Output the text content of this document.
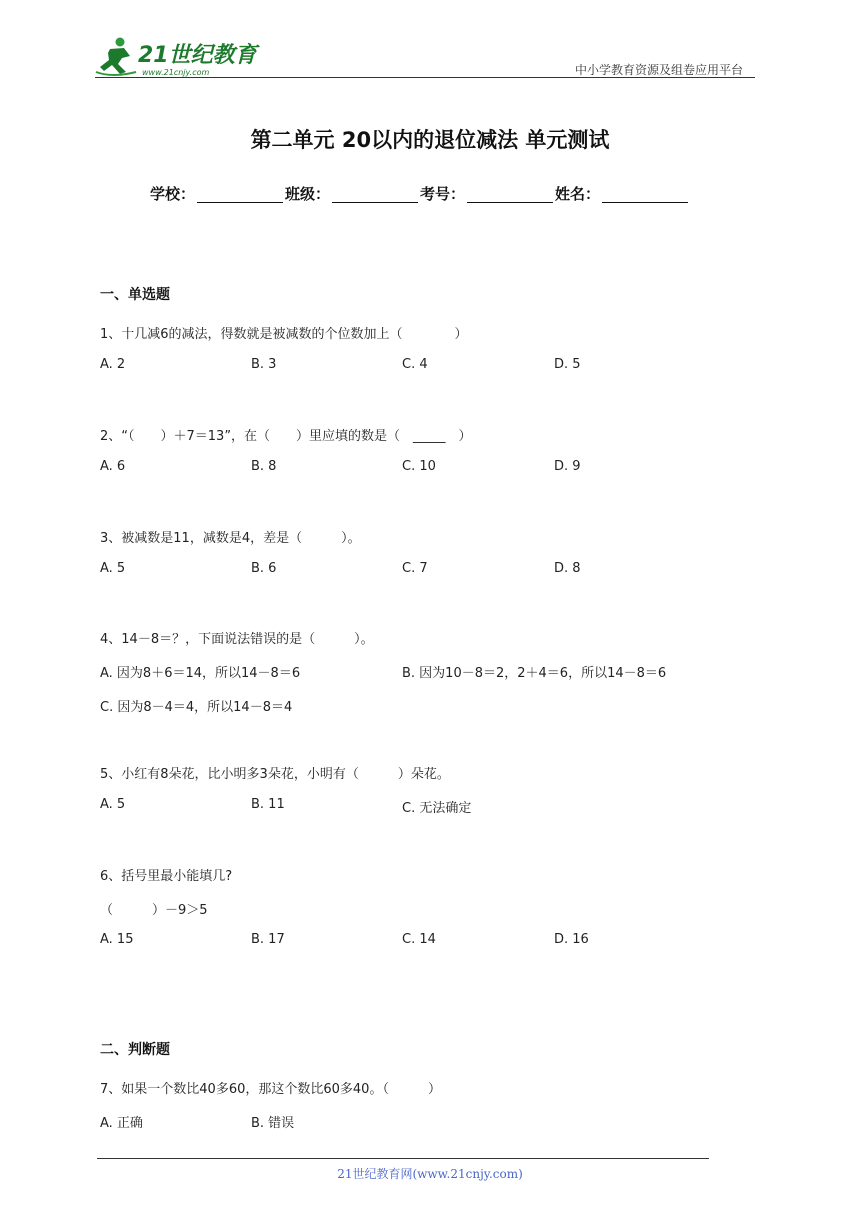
21世纪教育
www.21cnjy.com	中小学教育资源及组卷应用平台
第二单元 20以内的退位减法 单元测试
学校：	班级：	考号：	姓名：
一、单选题
1、十几减6的减法，得数就是被减数的个位数加上（　　　　）
A. 2	B. 3	C. 4	D. 5
2、“（　　）＋7＝13”，在（　　）里应填的数是（　_____　）
A. 6	B. 8	C. 10	D. 9
3、被减数是11，减数是4，差是（　　　）。
A. 5	B. 6	C. 7	D. 8
4、14－8＝？，下面说法错误的是（　　　）。
A. 因为8＋6＝14，所以14－8＝6	B. 因为10－8＝2，2＋4＝6，所以14－8＝6
C. 因为8－4＝4，所以14－8＝4
5、小红有8朵花，比小明多3朵花，小明有（　　　）朵花。
A. 5	B. 11	C. 无法确定
6、括号里最小能填几?
（　　　）－9＞5
A. 15	B. 17	C. 14	D. 16
二、判断题
7、如果一个数比40多60，那这个数比60多40。（　　　）
A. 正确	B. 错误
21世纪教育网(www.21cnjy.com)
